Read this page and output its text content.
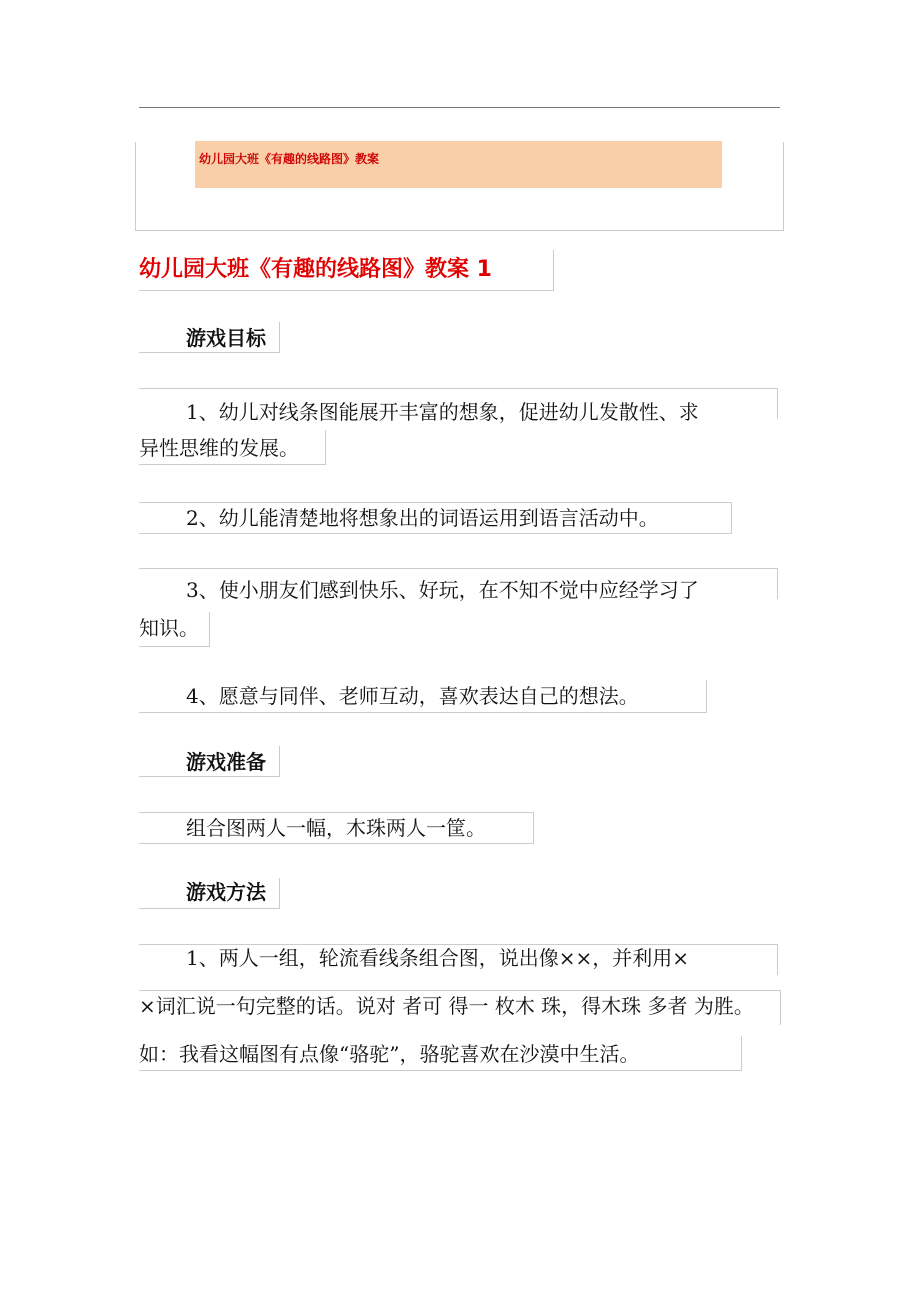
幼儿园大班《有趣的线路图》教案
幼儿园大班《有趣的线路图》教案 1
游戏目标
1、幼儿对线条图能展开丰富的想象，促进幼儿发散性、求
异性思维的发展。
2、幼儿能清楚地将想象出的词语运用到语言活动中。
3、使小朋友们感到快乐、好玩，在不知不觉中应经学习了
知识。
4、愿意与同伴、老师互动，喜欢表达自己的想法。
游戏准备
组合图两人一幅，木珠两人一筐。
游戏方法
1、两人一组，轮流看线条组合图，说出像××，并利用×
×词汇说一句完整的话。说对 者可 得一 枚木 珠，得木珠 多者 为胜。
如：我看这幅图有点像“骆驼”，骆驼喜欢在沙漠中生活。
